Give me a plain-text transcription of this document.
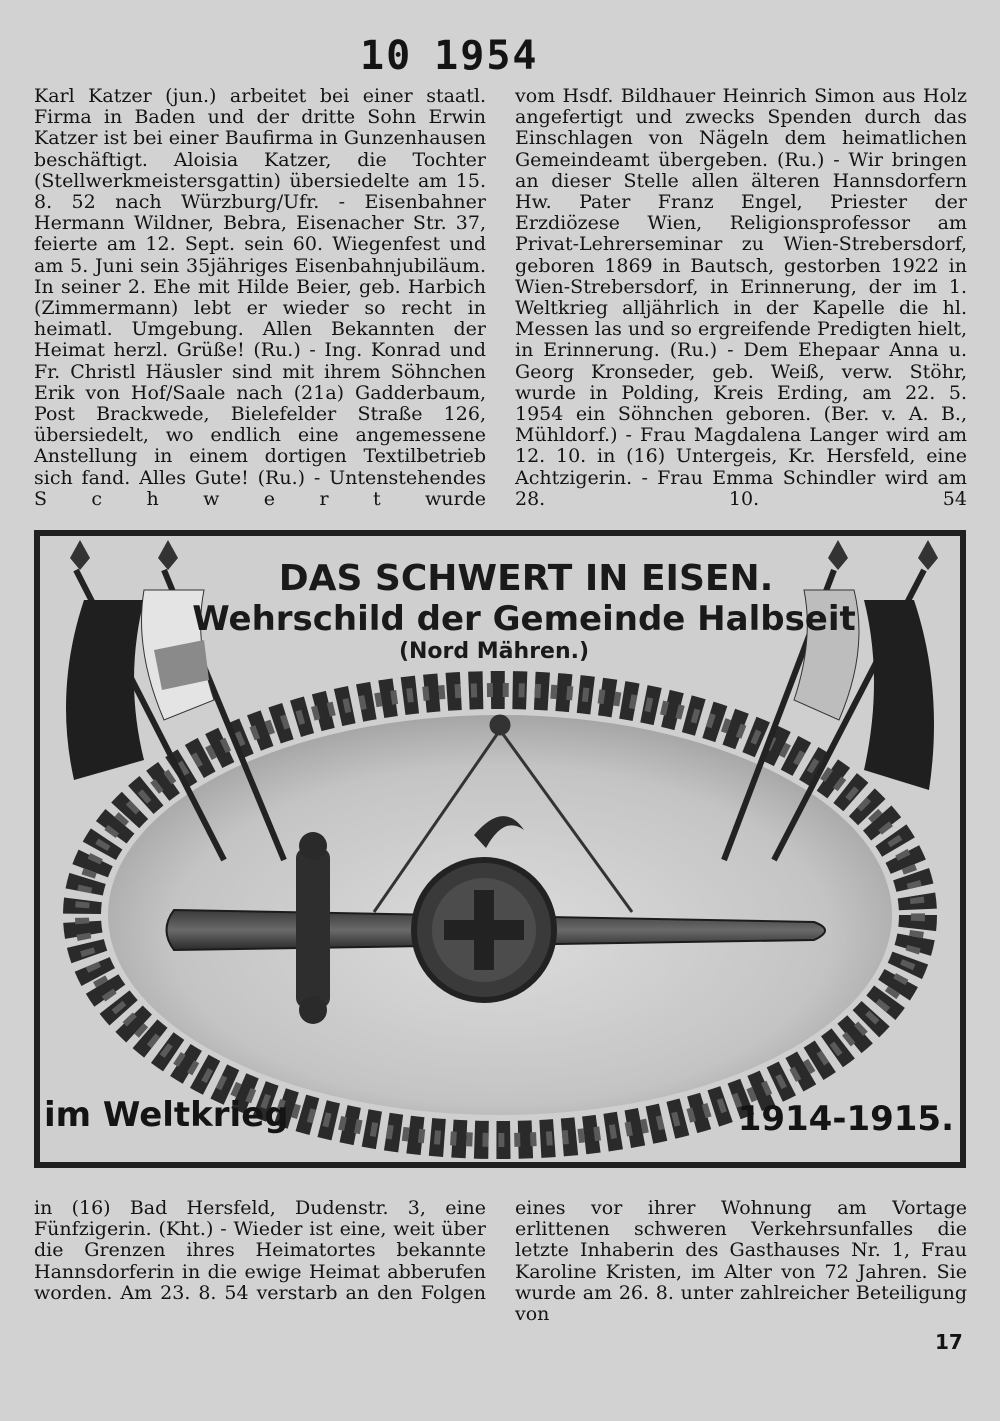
10 1954

Karl Katzer (jun.) arbeitet bei einer staatl. Firma in Baden und der dritte Sohn Erwin Katzer ist bei einer Baufirma in Gunzenhausen beschäftigt. Aloisia Katzer, die Tochter (Stellwerkmeistersgattin) übersiedelte am 15. 8. 52 nach Würzburg/Ufr. - Eisenbahner Hermann Wildner, Bebra, Eisenacher Str. 37, feierte am 12. Sept. sein 60. Wiegenfest und am 5. Juni sein 35jähriges Eisenbahnjubiläum. In seiner 2. Ehe mit Hilde Beier, geb. Harbich (Zimmermann) lebt er wieder so recht in heimatl. Umgebung. Allen Bekannten der Heimat herzl. Grüße! (Ru.) - Ing. Konrad und Fr. Christl Häusler sind mit ihrem Söhnchen Erik von Hof/Saale nach (21a) Gadderbaum, Post Brackwede, Bielefelder Straße 126, übersiedelt, wo endlich eine angemessene Anstellung in einem dortigen Textilbetrieb sich fand. Alles Gute! (Ru.) - Untenstehendes S c h w e r t wurde

vom Hsdf. Bildhauer Heinrich Simon aus Holz angefertigt und zwecks Spenden durch das Einschlagen von Nägeln dem heimatlichen Gemeindeamt übergeben. (Ru.) - Wir bringen an dieser Stelle allen älteren Hannsdorfern Hw. Pater Franz Engel, Priester der Erzdiözese Wien, Religionsprofessor am Privat-Lehrerseminar zu Wien-Strebersdorf, geboren 1869 in Bautsch, gestorben 1922 in Wien-Strebersdorf, in Erinnerung, der im 1. Weltkrieg alljährlich in der Kapelle die hl. Messen las und so ergreifende Predigten hielt, in Erinnerung. (Ru.) - Dem Ehepaar Anna u. Georg Kronseder, geb. Weiß, verw. Stöhr, wurde in Polding, Kreis Erding, am 22. 5. 1954 ein Söhnchen geboren. (Ber. v. A. B., Mühldorf.) - Frau Magdalena Langer wird am 12. 10. in (16) Untergeis, Kr. Hersfeld, eine Achtzigerin. - Frau Emma Schindler wird am 28. 10. 54

DAS SCHWERT IN EISEN.
Wehrschild der Gemeinde Halbseit
(Nord Mähren.)
im Weltkrieg	1914-1915.

in (16) Bad Hersfeld, Dudenstr. 3, eine Fünfzigerin. (Kht.) - Wieder ist eine, weit über die Grenzen ihres Heimatortes bekannte Hannsdorferin in die ewige Heimat abberufen worden. Am 23. 8. 54 verstarb an den Folgen

eines vor ihrer Wohnung am Vortage erlittenen schweren Verkehrsunfalles die letzte Inhaberin des Gasthauses Nr. 1, Frau Karoline Kristen, im Alter von 72 Jahren. Sie wurde am 26. 8. unter zahlreicher Beteiligung von

17
